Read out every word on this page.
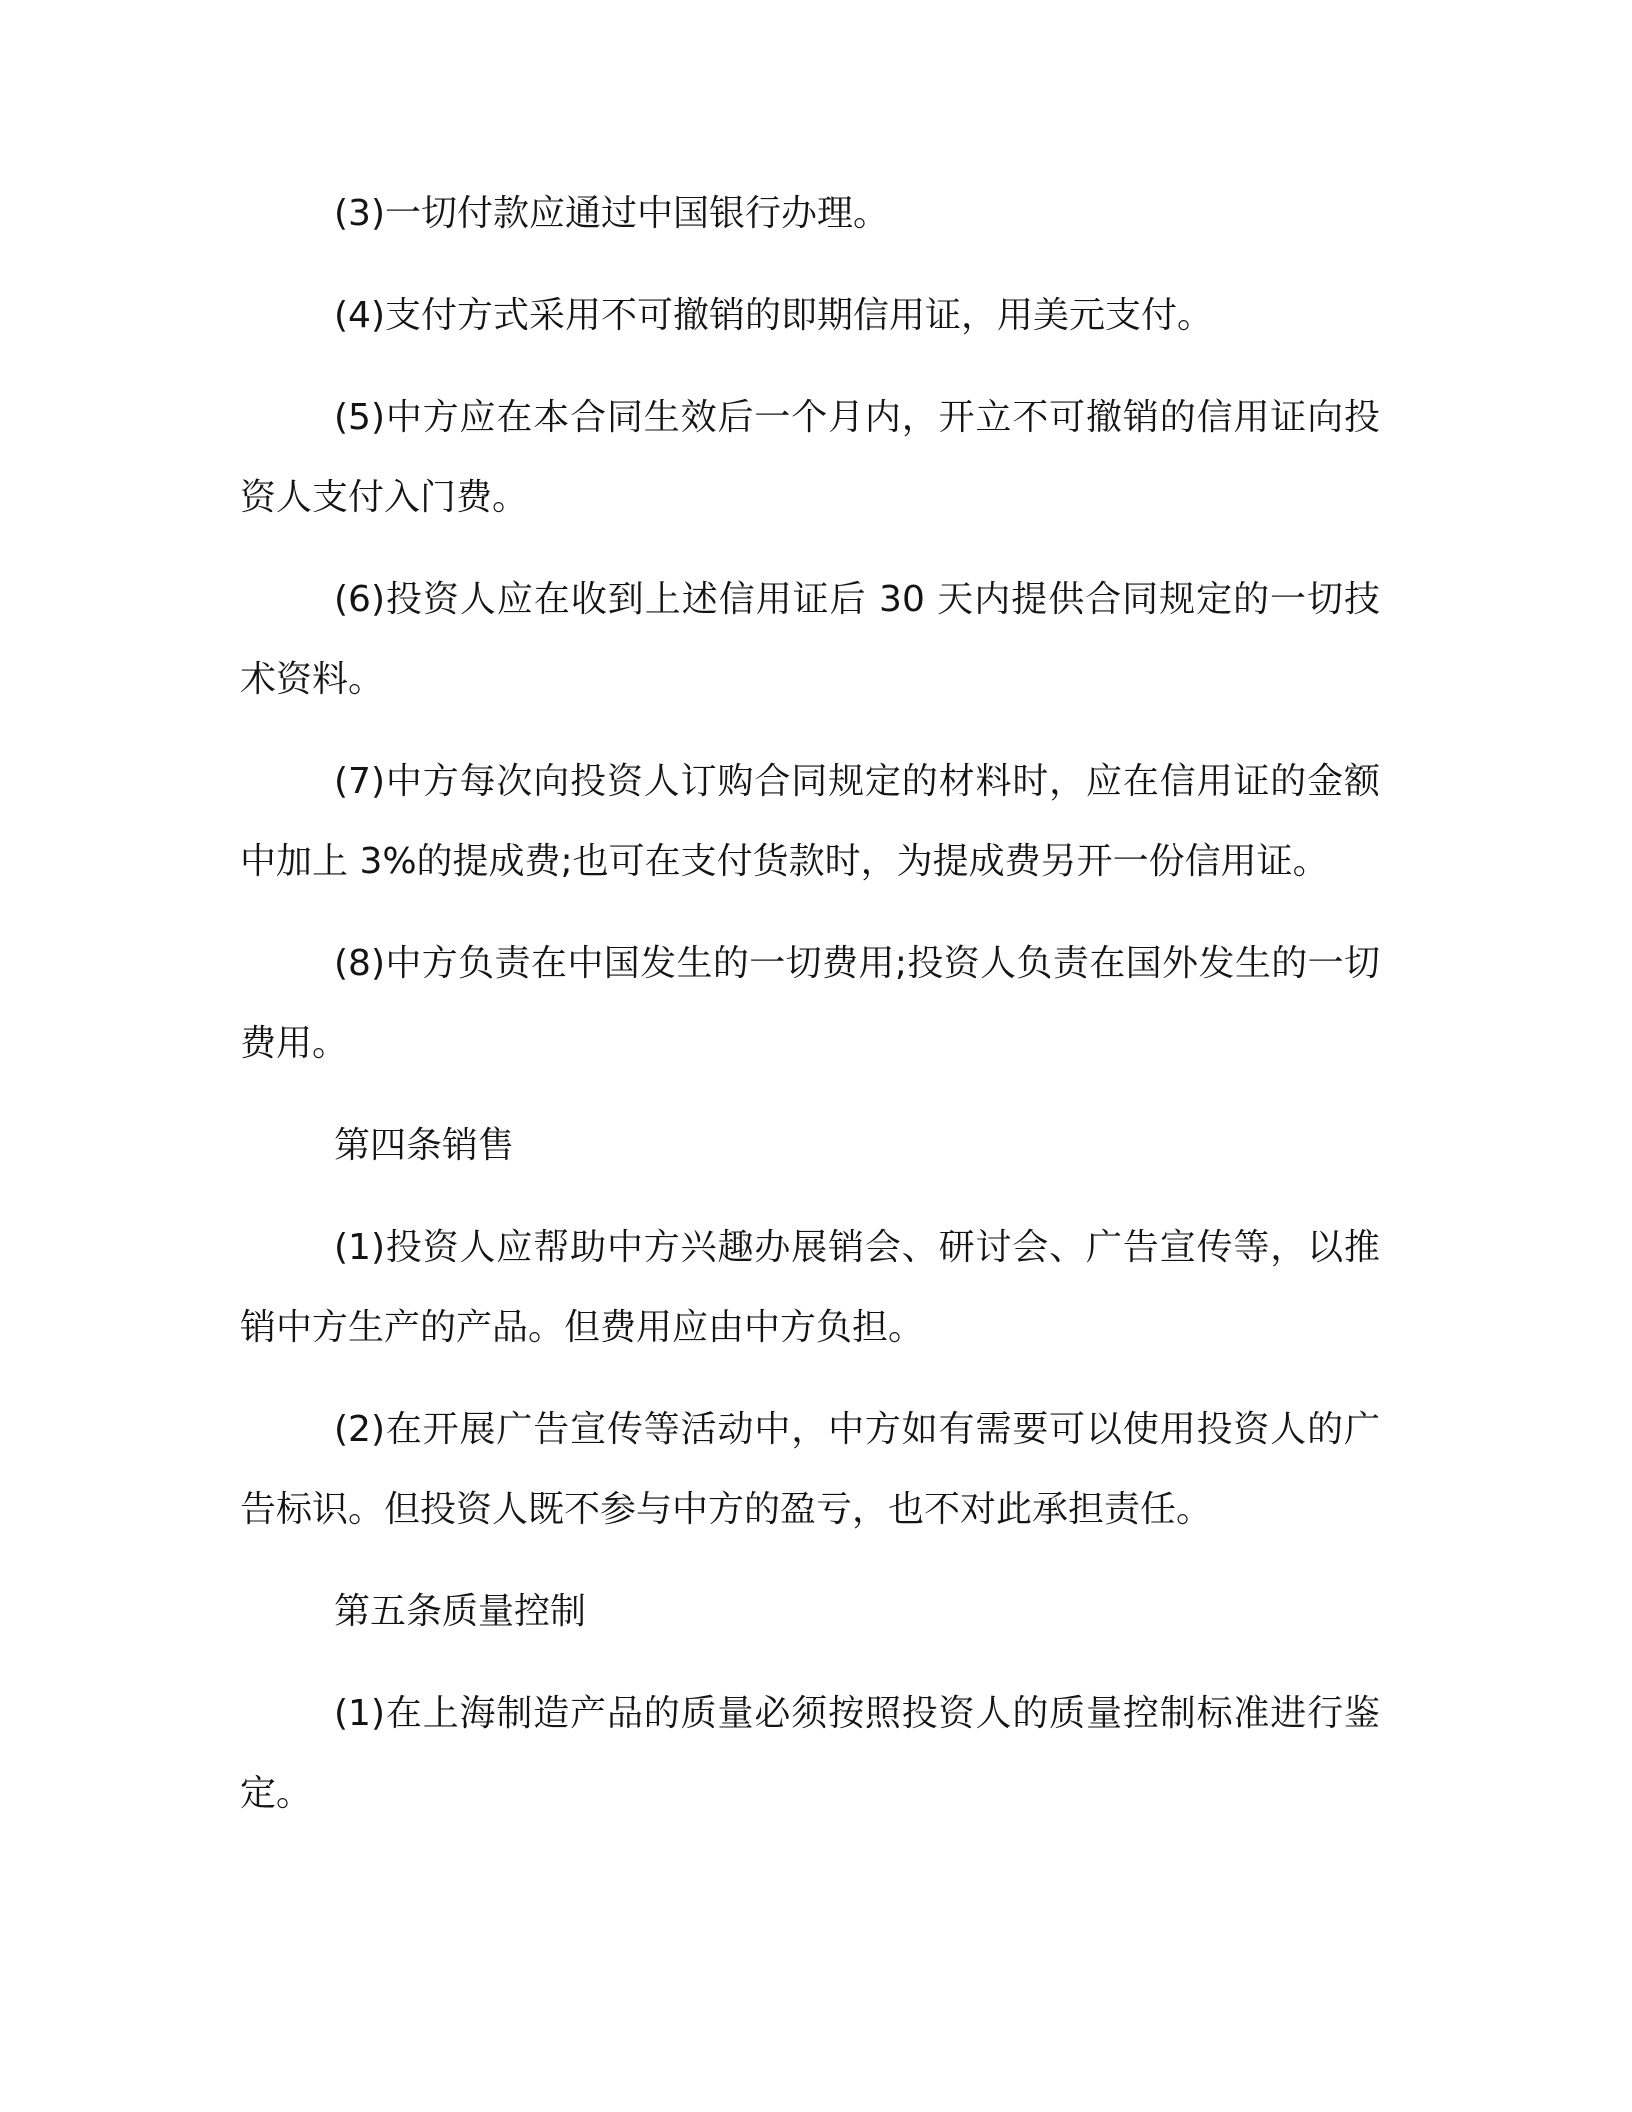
(3)一切付款应通过中国银行办理。

(4)支付方式采用不可撤销的即期信用证，用美元支付。

(5)中方应在本合同生效后一个月内，开立不可撤销的信用证向投资人支付入门费。

(6)投资人应在收到上述信用证后 30 天内提供合同规定的一切技术资料。

(7)中方每次向投资人订购合同规定的材料时，应在信用证的金额中加上 3%的提成费;也可在支付货款时，为提成费另开一份信用证。

(8)中方负责在中国发生的一切费用;投资人负责在国外发生的一切费用。

第四条销售

(1)投资人应帮助中方兴趣办展销会、研讨会、广告宣传等，以推销中方生产的产品。但费用应由中方负担。

(2)在开展广告宣传等活动中，中方如有需要可以使用投资人的广告标识。但投资人既不参与中方的盈亏，也不对此承担责任。

第五条质量控制

(1)在上海制造产品的质量必须按照投资人的质量控制标准进行鉴定。
